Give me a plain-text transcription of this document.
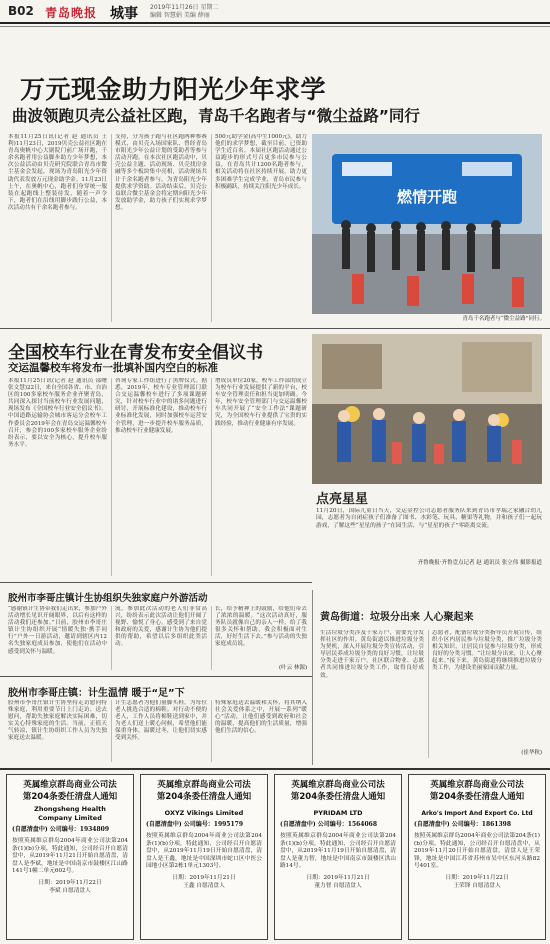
B02 青岛晚报 城事 2019年11月26日 星期二
编辑 智慧娟 美编 薛丽
万元现金助力阳光少年求学
曲波领跑贝壳公益社区跑，青岛千名跑者与“微尘益路”同行
本报11月25日讯(记者 赵 通讯员 王利)11月23日，2019贝壳公益社区跑在青岛奥帆中心大剧院门前广场开跑，千余名跑者用公益脚步助力少年梦想，本次公益活动由贝壳研究院联合青岛市微尘基金会发起，现场为青岛阳光少年资助代表发放万元现金助学金。11月23日上午，在奥帆中心，跑者们身穿统一服装在起跑线上整装待发，随着一声令下，跑者们在沿线用脚步践行公益，本次活动共有千余名跑者参与。
支持，分为孩子跑与社区跑两种参赛模式，由贝壳入场国家队、曾经青岛市阳光少年公益计划的受助者等参与活动开跑。在本次社区跑活动中，贝壳公益主题、活动现场、贝壳找房金融等多个板块集中亮相，活动现场共计千余名跑者参与，为青岛阳光少年提供求学资助。活动结束后，贝壳公益联合微尘基金会将定期向阳光少年发放助学金，助力孩子们实现求学梦想。
500元助学金(高中生1000元)，助力他们的求学梦想，截至目前，已资助学生近百名。本届社区跑活动通过公益跑步的形式号召更多市民参与公益，在青岛共计1200名跑者参与，相关活动将在社区持续开展，助力更多困难学生完成学业，青岛市民参与积极踊跃，持续关注阳光少年成长。
燃情开跑
青岛千名跑者与“微尘益路”同行。
全国校车行业在青发布安全倡议书
交运温馨校车将发布一批填补国内空白的标准
本报11月25日讯(记者 赵 通讯员 邵曙 张文慧)22日，来自全国各省、市、自治区的100多家校车服务企业齐聚青岛，共同深入探讨当前校车行业发展问题，现场发布《全国校车行业安全倡议书》。中国道路运输协会城市客运分会校车工作委员会2019年会在青岛交运温馨校车召开，参会的100多家校车服务企业纷纷表示，要以安全为核心，提升校车服务水平。
咨询专家工作组进行了黑牌仪式。据悉，2019年，校车专业管理部门联合交运温馨校车进行了多项课题研究，针对校车行业中的诸多问题进行研讨，开展标准化建设，推动校车行业标准化发展，同时加强校车运营安全管理，进一步提升校车服务品质，推动校车行业健康发展。
增成员单位20家，校车工作部的成立为校车行业发展提供了新的平台，校车安全管理责任和担当更加明确。今年，校车安全管理部门与交运温馨校车共同开展了“安全工作法”课题研究，为全国校车行业提供了宝贵的实践经验，推动行业健康有序发展。
点亮星星
11月20日，国际儿童日当天，交运金控公司志愿者服务队来到青岛市孝瑞之家融合幼儿园，志愿者为自闭症孩子们准备了图书、水彩笔、玩具、糖果等礼物，并和孩子们一起玩游戏，了解这些“星星的孩子”在园生活，与“星星的孩子”零距离交流。
齐鲁晚报·齐鲁壹点记者 赵 通讯员 张立伟 摄影报道
胶州市李哥庄镇计生协组织失独家庭户外游活动
“感谢镇计生协带我们走出来，参加户外活动增长见识开阔眼界，以后有这样的活动我们还参加。”日前，胶州市李哥庄镇计生协组织开展“情暖失独·携手同行”户外一日游活动，邀请到辖区内12名失独家庭成员参加，使他们在活动中感受到关怀与温暖。
流，参加此次活动的老人们非常高兴，纷纷表示此次活动让他们开阔了视野、愉悦了身心，感受到了来自党和政府的关爱，感谢计生协为他们提供的帮助，希望以后多组织此类活动。
长，给予精神上的鼓励，给他们带去了浓浓的温暖。“这次活动真好，服务队员就像自己的亲人一样，给了我很多关怀和帮助，我会积极面对生活，好好生活下去。”参与活动的失独家庭成员说。
(叶云 林源)
胶州市李哥庄镇：计生温情 暖于“足”下
胶州市李哥庄镇计生协坚持走访慰问特殊家庭，利用重要节日上门走访、送去慰问，帮助失独家庭解决实际困难，切实关心特殊家庭的生活。当前，正值天气转凉，镇计生协组织工作人员为失独家庭送去温暖。
计生志愿者为他们量脚买鞋，为每位老人挑选合适的棉鞋。对行动不便的老人，工作人员将棉鞋送到家中，并为老人们送上暖心问候，希望他们能保重身体，温暖过冬，让他们切实感受到关怀。
特殊家庭送去温暖和关怀，将其纳入社会关爱体系之中，开展一系列“暖心”活动，让他们感受到政府和社会的温暖，提高他们的生活质量，增强他们生活的信心。
黄岛街道：垃圾分出来 人心聚起来
生活垃圾分类涉及千家万户，需要充分发挥社区的作用。黄岛街道以推进垃圾分类为契机，深入开展垃圾分类宣传活动，引导居民养成垃圾分类的良好习惯，让垃圾分类走进千家万户。社区联合物业、志愿者共同推进垃圾分类工作，取得良好成效。
志愿者，配备垃圾分类指导员开展宣传，组织小区内居民参与垃圾分类，推广垃圾分类相关知识，让居民自觉参与垃圾分类，形成良好的分类习惯。“让垃圾分出来，让人心聚起来。”接下来，黄岛街道将继续推进垃圾分类工作，为建设美丽家园贡献力量。
(崔华秋)
英属维京群岛商业公司法
第204条委任清盘人通知
Zhongsheng Health
Company Limited
(自愿清盘中) 公司编号：1934809
按照英属维京群岛2004年商业公司法第204条(1)(b)分项，特此通知，公司经召开自愿清盘中，从2019年11月21日开始自愿清盘，清盘人是李斌，地址是中国南京市鼓楼区江山路141号1幢二单元602号。
日期：2019年11月22日
李斌 自愿清盘人
英属维京群岛商业公司法
第204条委任清盘人通知
OXYZ Vikings Limited
(自愿清盘中) 公司编号：1995179
按照英属维京群岛2004年商业公司法第204条(1)(b)分项，特此通知，公司经召开自愿清盘中，从2019年11月19日开始自愿清盘，清盘人是王鑫，地址是中国深圳市蛇口区中医公园地小区第2栋1单元1303号。
日期：2019年11月21日
王鑫 自愿清盘人
英属维京群岛商业公司法
第204条委任清盘人通知
PYRIDAM LTD
(自愿清盘中) 公司编号：1564068
按照英属维京群岛2004年商业公司法第204条(1)(b)分项，特此通知，公司经召开自愿清盘中，从2019年11月19日开始自愿清盘，清盘人是董力智，地址是中国南京市鼓楼区洪山路14号。
日期：2019年11月21日
董力智 自愿清盘人
英属维京群岛商业公司法
第204条委任清盘人通知
Arko's Import And Export Co. Ltd
(自愿清盘中) 公司编号：1861398
按照英属维京群岛2004年商业公司法第204条(1)(b)分项，特此通知，公司经召开自愿清盘中，从2019年11月20日开始自愿清盘，清盘人是王荣锋，地址是中国江苏省苏州市吴中区东河头路82号401室。
日期：2019年11月22日
王荣锋 自愿清盘人
